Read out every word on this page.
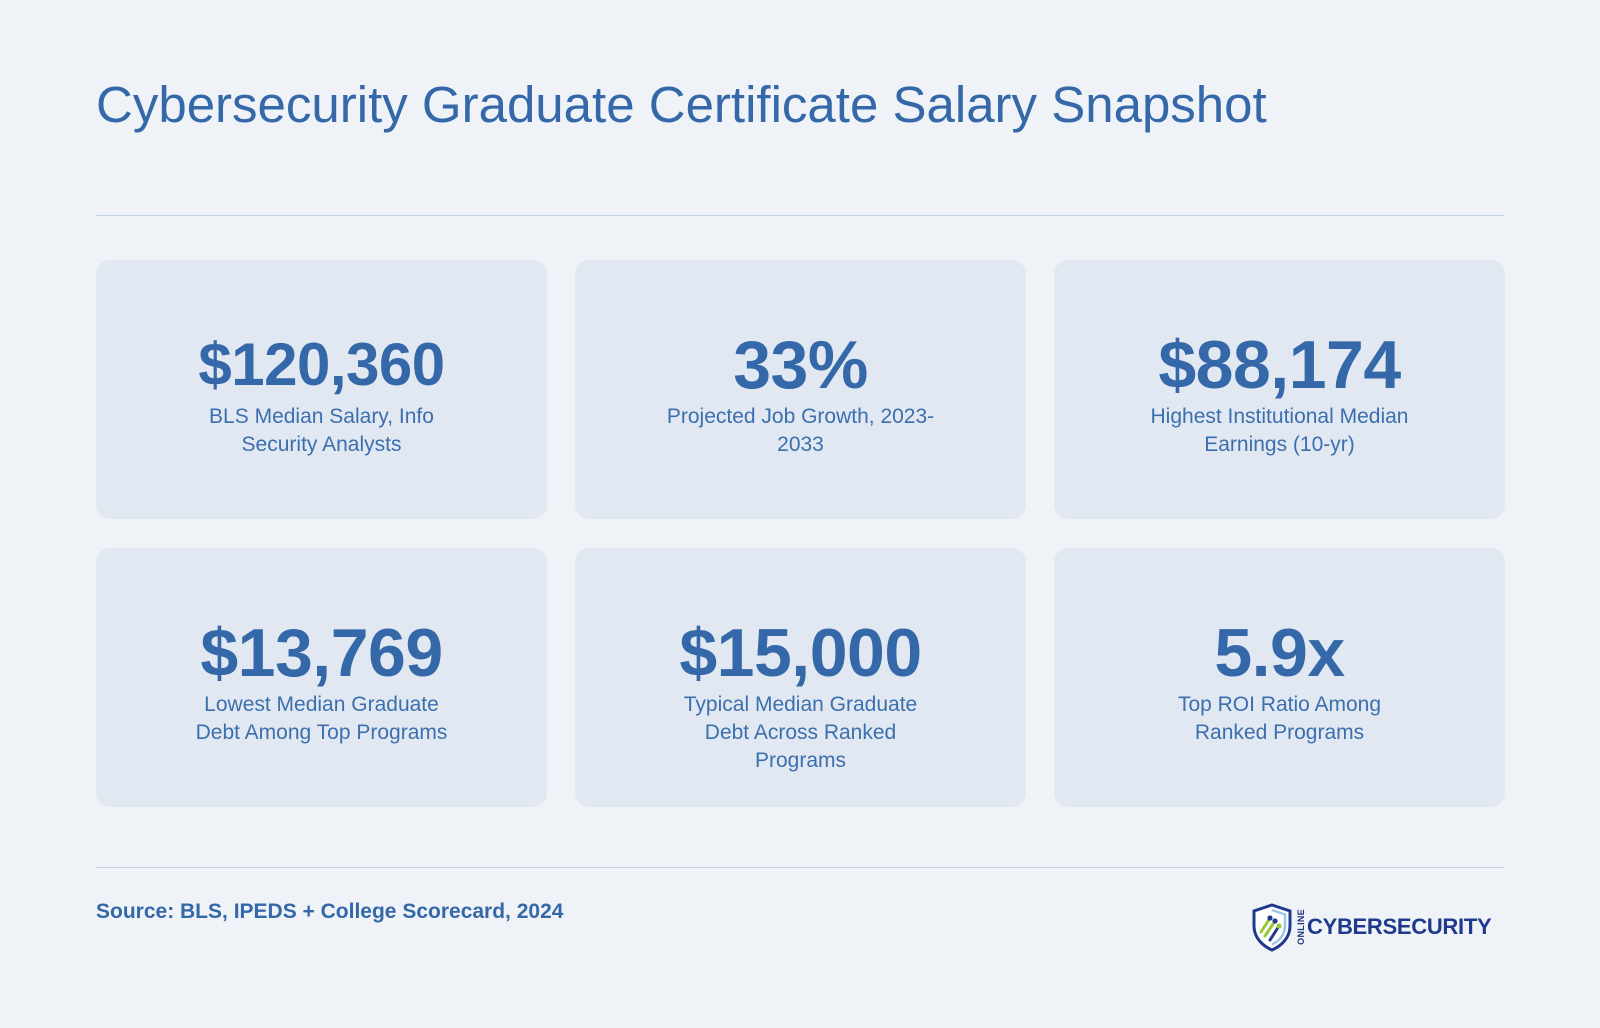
Cybersecurity Graduate Certificate Salary Snapshot
$120,360
BLS Median Salary, Info Security Analysts
33%
Projected Job Growth, 2023-2033
$88,174
Highest Institutional Median Earnings (10-yr)
$13,769
Lowest Median Graduate Debt Among Top Programs
$15,000
Typical Median Graduate Debt Across Ranked Programs
5.9x
Top ROI Ratio Among Ranked Programs
Source: BLS, IPEDS + College Scorecard, 2024	ONLINE CYBERSECURITY
